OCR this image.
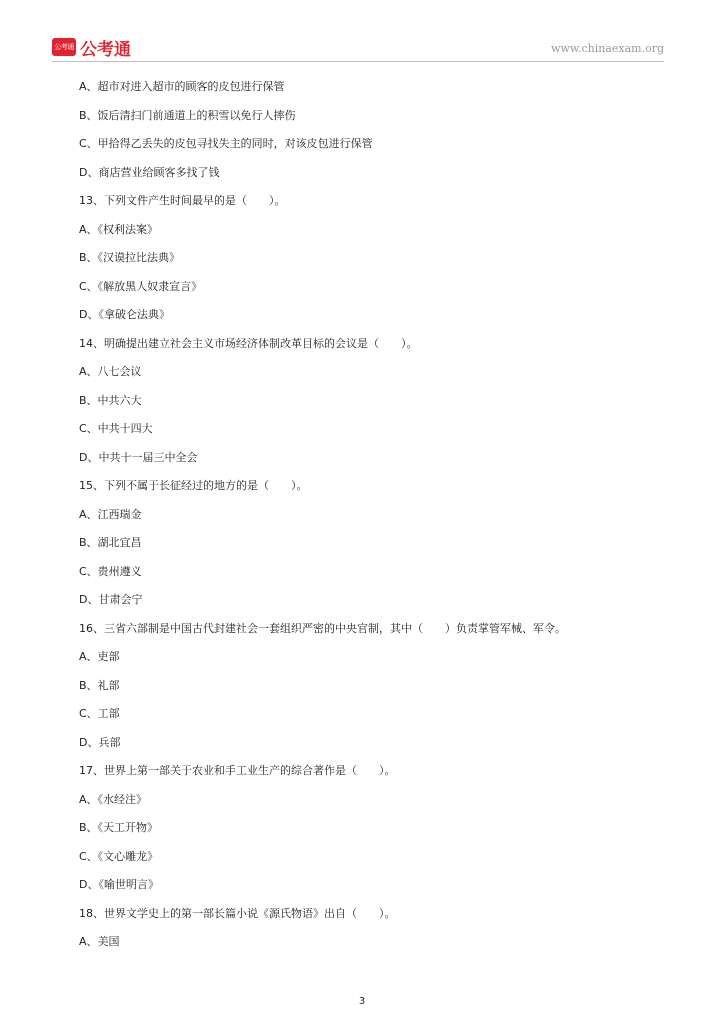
公考通 公考通	www.chinaexam.org
A、超市对进入超市的顾客的皮包进行保管
B、饭后清扫门前通道上的积雪以免行人摔伤
C、甲拾得乙丢失的皮包寻找失主的同时，对该皮包进行保管
D、商店营业给顾客多找了钱
13、下列文件产生时间最早的是（　　）。
A、《权利法案》
B、《汉谟拉比法典》
C、《解放黑人奴隶宣言》
D、《拿破仑法典》
14、明确提出建立社会主义市场经济体制改革目标的会议是（　　）。
A、八七会议
B、中共六大
C、中共十四大
D、中共十一届三中全会
15、下列不属于长征经过的地方的是（　　）。
A、江西瑞金
B、湖北宜昌
C、贵州遵义
D、甘肃会宁
16、三省六部制是中国古代封建社会一套组织严密的中央官制，其中（　　）负责掌管军械、军令。
A、吏部
B、礼部
C、工部
D、兵部
17、世界上第一部关于农业和手工业生产的综合著作是（　　）。
A、《水经注》
B、《天工开物》
C、《文心雕龙》
D、《喻世明言》
18、世界文学史上的第一部长篇小说《源氏物语》出自（　　）。
A、美国
3
